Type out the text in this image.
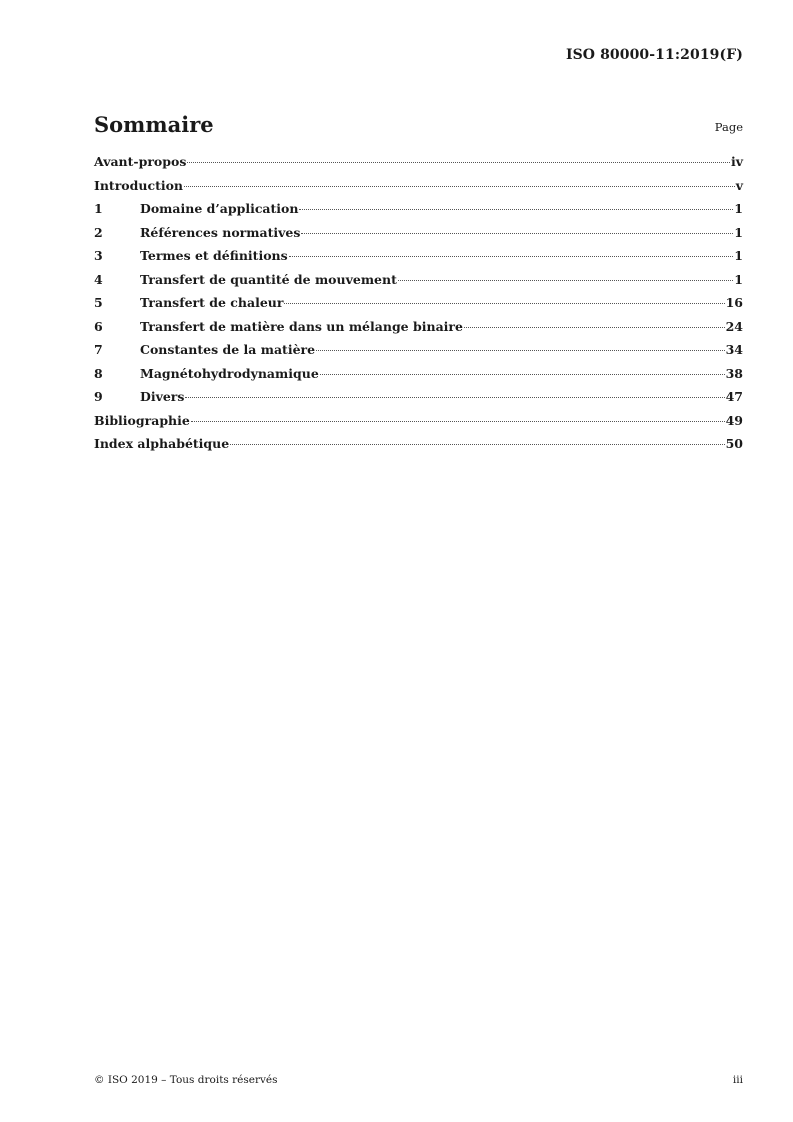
ISO 80000-11:2019(F)
Sommaire	Page
Avant-propos	iv
Introduction	v
1	Domaine d’application	1
2	Références normatives	1
3	Termes et définitions	1
4	Transfert de quantité de mouvement	1
5	Transfert de chaleur	16
6	Transfert de matière dans un mélange binaire	24
7	Constantes de la matière	34
8	Magnétohydrodynamique	38
9	Divers	47
Bibliographie	49
Index alphabétique	50
© ISO 2019 – Tous droits réservés	iii
